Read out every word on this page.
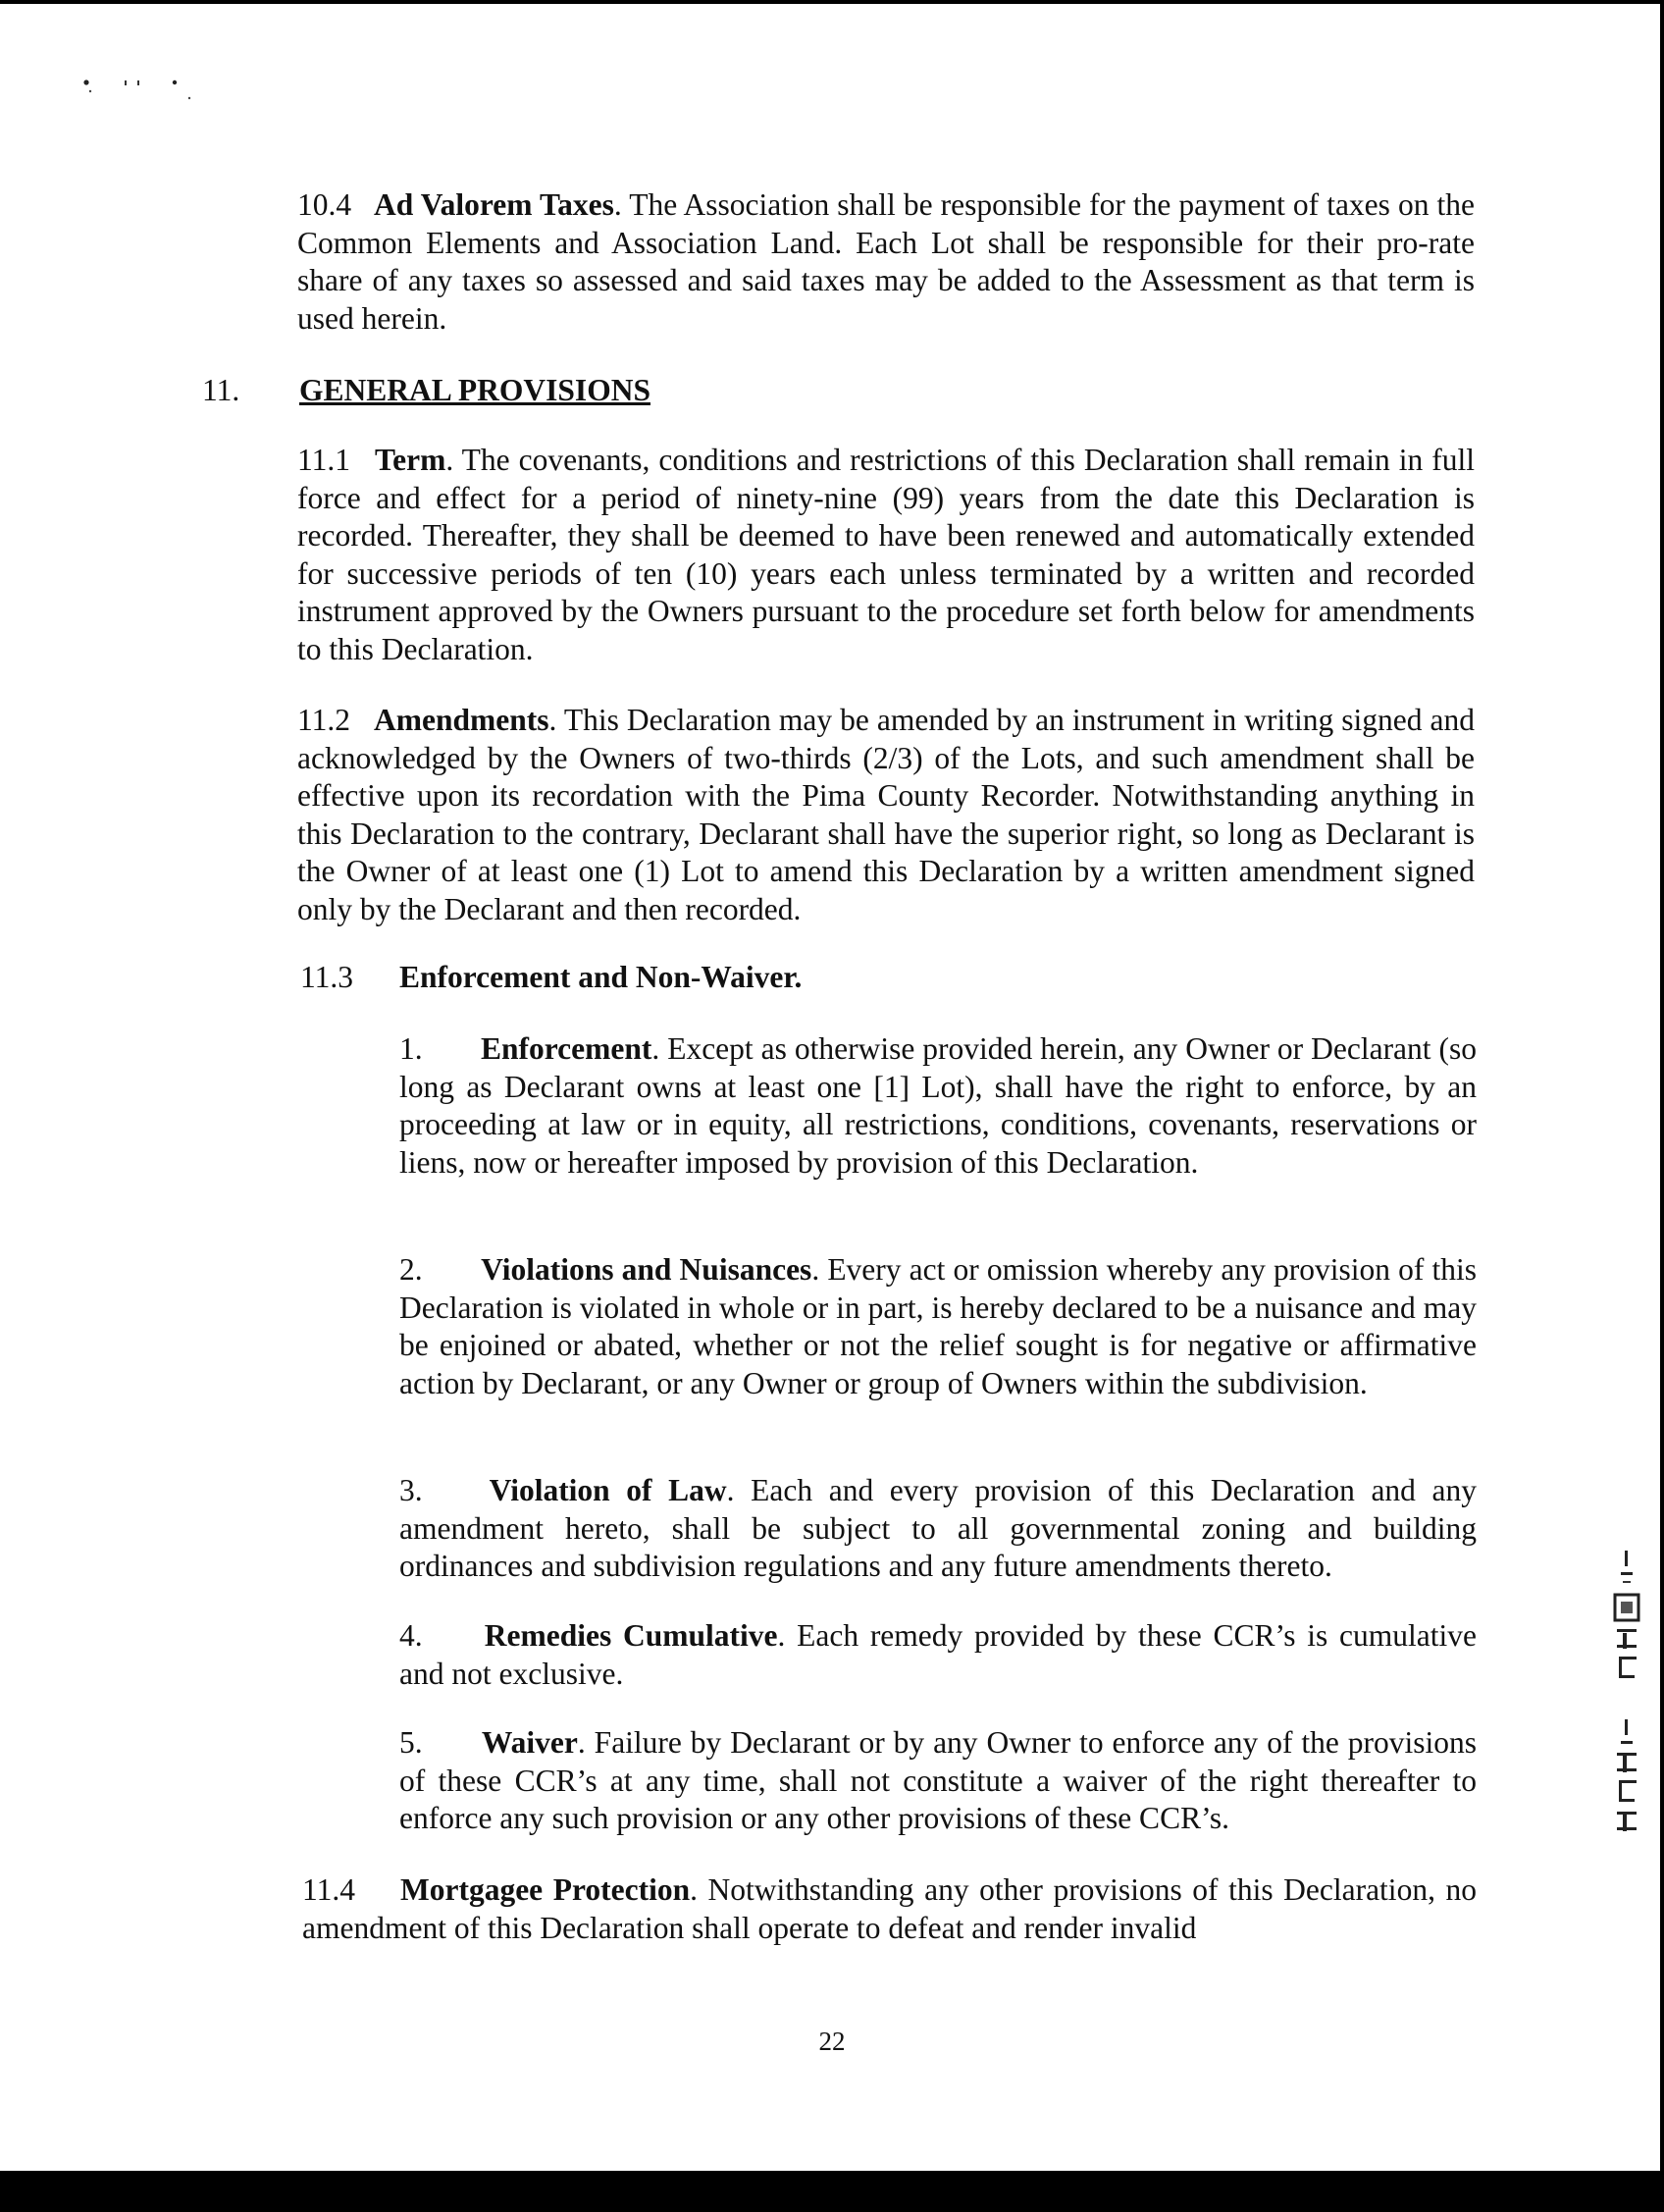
10.4 Ad Valorem Taxes. The Association shall be responsible for the payment of taxes on the Common Elements and Association Land. Each Lot shall be responsible for their pro-rate share of any taxes so assessed and said taxes may be added to the Assessment as that term is used herein.

11. GENERAL PROVISIONS

11.1 Term. The covenants, conditions and restrictions of this Declaration shall remain in full force and effect for a period of ninety-nine (99) years from the date this Declaration is recorded. Thereafter, they shall be deemed to have been renewed and automatically extended for successive periods of ten (10) years each unless terminated by a written and recorded instrument approved by the Owners pursuant to the procedure set forth below for amendments to this Declaration.

11.2 Amendments. This Declaration may be amended by an instrument in writing signed and acknowledged by the Owners of two-thirds (2/3) of the Lots, and such amendment shall be effective upon its recordation with the Pima County Recorder. Notwithstanding anything in this Declaration to the contrary, Declarant shall have the superior right, so long as Declarant is the Owner of at least one (1) Lot to amend this Declaration by a written amendment signed only by the Declarant and then recorded.

11.3 Enforcement and Non-Waiver.

1. Enforcement. Except as otherwise provided herein, any Owner or Declarant (so long as Declarant owns at least one [1] Lot), shall have the right to enforce, by an proceeding at law or in equity, all restrictions, conditions, covenants, reservations or liens, now or hereafter imposed by provision of this Declaration.

2. Violations and Nuisances. Every act or omission whereby any provision of this Declaration is violated in whole or in part, is hereby declared to be a nuisance and may be enjoined or abated, whether or not the relief sought is for negative or affirmative action by Declarant, or any Owner or group of Owners within the subdivision.

3. Violation of Law. Each and every provision of this Declaration and any amendment hereto, shall be subject to all governmental zoning and building ordinances and subdivision regulations and any future amendments thereto.

4. Remedies Cumulative. Each remedy provided by these CCR’s is cumulative and not exclusive.

5. Waiver. Failure by Declarant or by any Owner to enforce any of the provisions of these CCR’s at any time, shall not constitute a waiver of the right thereafter to enforce any such provision or any other provisions of these CCR’s.

11.4 Mortgagee Protection. Notwithstanding any other provisions of this Declaration, no amendment of this Declaration shall operate to defeat and render invalid

22
